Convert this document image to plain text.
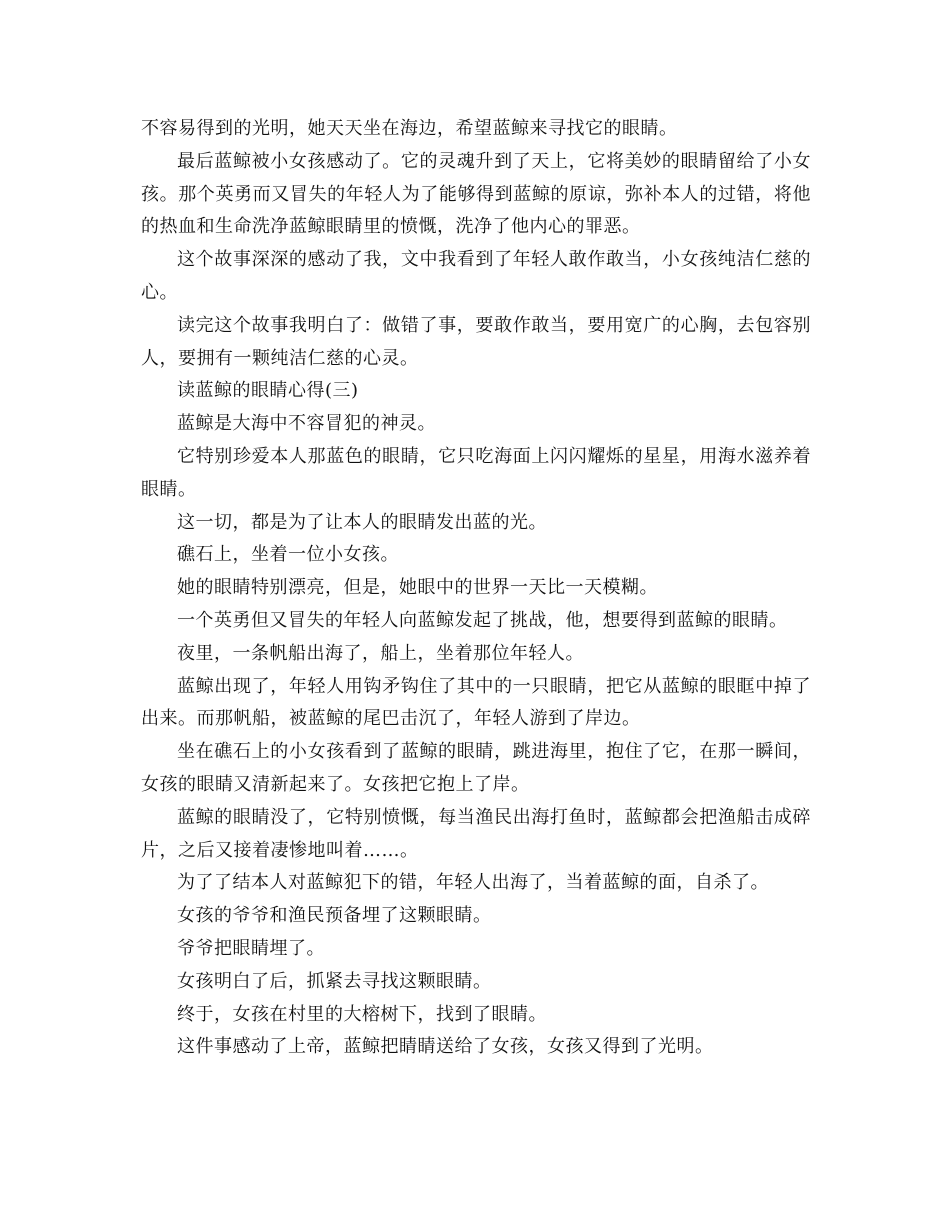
不容易得到的光明，她天天坐在海边，希望蓝鲸来寻找它的眼睛。

最后蓝鲸被小女孩感动了。它的灵魂升到了天上，它将美妙的眼睛留给了小女孩。那个英勇而又冒失的年轻人为了能够得到蓝鲸的原谅，弥补本人的过错，将他的热血和生命洗净蓝鲸眼睛里的愤慨，洗净了他内心的罪恶。

这个故事深深的感动了我，文中我看到了年轻人敢作敢当，小女孩纯洁仁慈的心。

读完这个故事我明白了：做错了事，要敢作敢当，要用宽广的心胸，去包容别人，要拥有一颗纯洁仁慈的心灵。

读蓝鲸的眼睛心得(三)

蓝鲸是大海中不容冒犯的神灵。

它特别珍爱本人那蓝色的眼睛，它只吃海面上闪闪耀烁的星星，用海水滋养着眼睛。

这一切，都是为了让本人的眼睛发出蓝的光。

礁石上，坐着一位小女孩。

她的眼睛特别漂亮，但是，她眼中的世界一天比一天模糊。

一个英勇但又冒失的年轻人向蓝鲸发起了挑战，他，想要得到蓝鲸的眼睛。

夜里，一条帆船出海了，船上，坐着那位年轻人。

蓝鲸出现了，年轻人用钩矛钩住了其中的一只眼睛，把它从蓝鲸的眼眶中掉了出来。而那帆船，被蓝鲸的尾巴击沉了，年轻人游到了岸边。

坐在礁石上的小女孩看到了蓝鲸的眼睛，跳进海里，抱住了它，在那一瞬间，女孩的眼睛又清新起来了。女孩把它抱上了岸。

蓝鲸的眼睛没了，它特别愤慨，每当渔民出海打鱼时，蓝鲸都会把渔船击成碎片，之后又接着凄惨地叫着……。

为了了结本人对蓝鲸犯下的错，年轻人出海了，当着蓝鲸的面，自杀了。

女孩的爷爷和渔民预备埋了这颗眼睛。

爷爷把眼睛埋了。

女孩明白了后，抓紧去寻找这颗眼睛。

终于，女孩在村里的大榕树下，找到了眼睛。

这件事感动了上帝，蓝鲸把睛睛送给了女孩，女孩又得到了光明。
